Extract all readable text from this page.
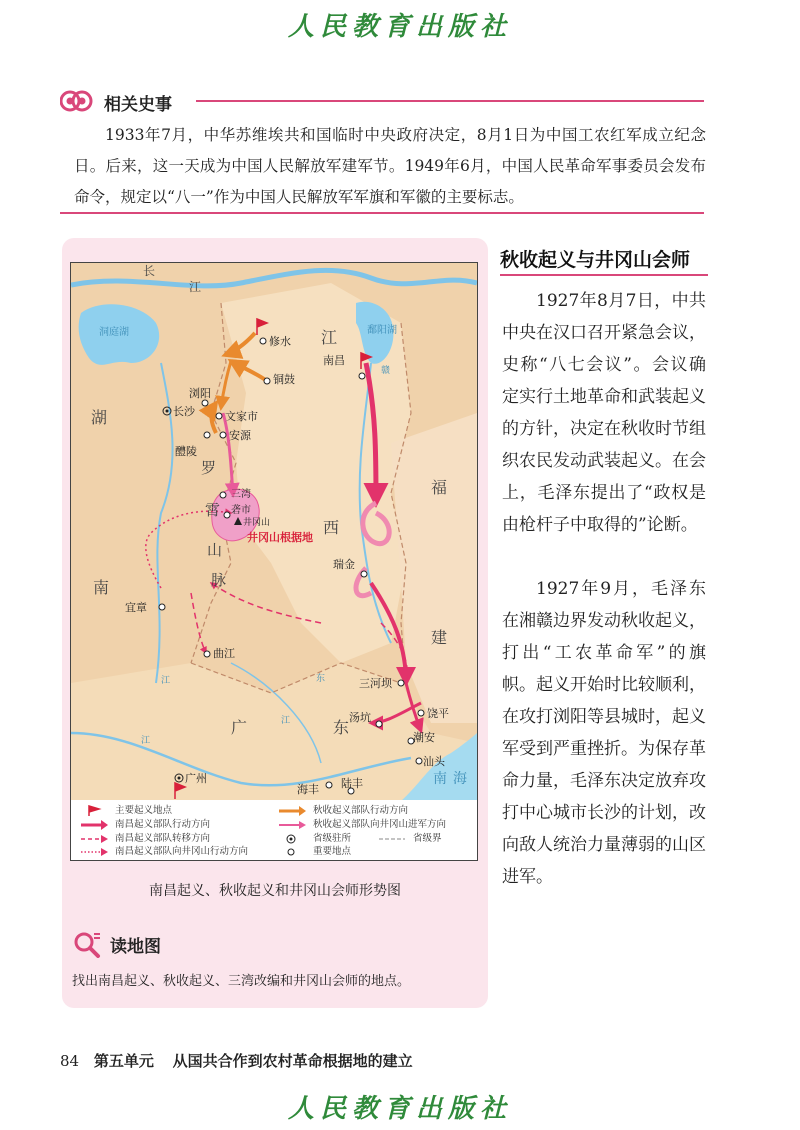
人民教育出版社
相关史事
1933年7月，中华苏维埃共和国临时中央政府决定，8月1日为中国工农红军成立纪念日。后来，这一天成为中国人民解放军建军节。1949年6月，中国人民革命军事委员会发布命令，规定以“八一”作为中国人民解放军军旗和军徽的主要标志。
长
江
洞庭湖	鄱阳湖
江
赣
湖
南
江
西
福
建
广	东
南 海
罗
霄
山
脉
东
江
江
修水
铜鼓
浏阳
长沙	文家市
醴陵
安源
三湾
砻市
井冈山
井冈山根据地
南昌
瑞金
宜章
曲江
三河坝
饶平
汤坑
潮安
汕头
广州
海丰 陆丰
主要起义地点	秋收起义部队行动方向
南昌起义部队行动方向	秋收起义部队向井冈山进军方向
南昌起义部队转移方向	省级驻所	省级界
南昌起义部队向井冈山行动方向	重要地点
南昌起义、秋收起义和井冈山会师形势图
读地图
找出南昌起义、秋收起义、三湾改编和井冈山会师的地点。
秋收起义与井冈山会师
1927年8月7日，中共中央在汉口召开紧急会议，史称“八七会议”。会议确定实行土地革命和武装起义的方针，决定在秋收时节组织农民发动武装起义。在会上，毛泽东提出了“政权是由枪杆子中取得的”论断。
1927年9月，毛泽东在湘赣边界发动秋收起义，打出“工农革命军”的旗帜。起义开始时比较顺利，在攻打浏阳等县城时，起义军受到严重挫折。为保存革命力量，毛泽东决定放弃攻打中心城市长沙的计划，改向敌人统治力量薄弱的山区进军。
84 第五单元 从国共合作到农村革命根据地的建立
人民教育出版社
